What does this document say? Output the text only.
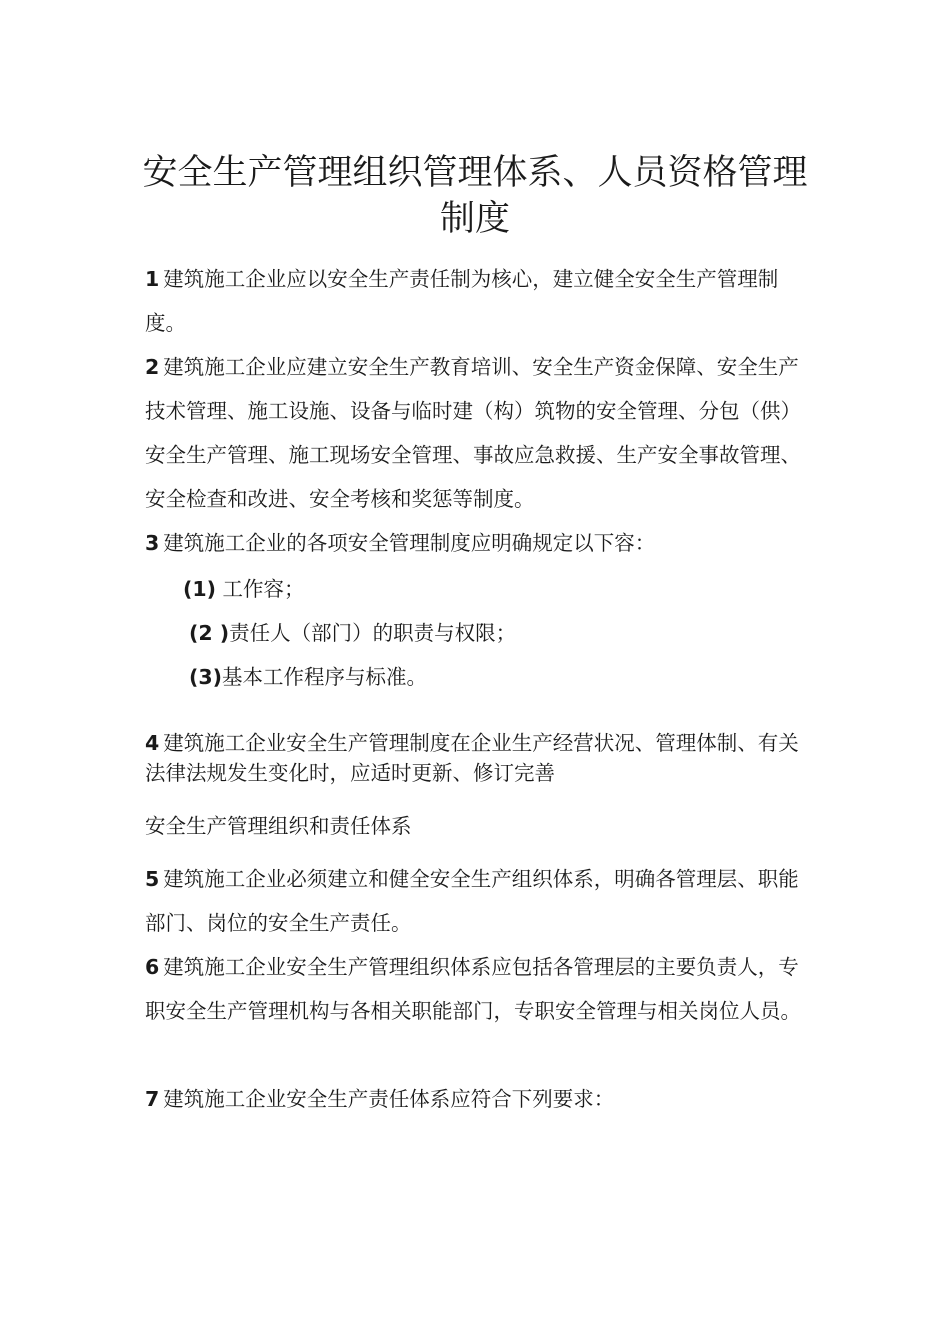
安全生产管理组织管理体系、人员资格管理制度

1 建筑施工企业应以安全生产责任制为核心，建立健全安全生产管理制度。

2 建筑施工企业应建立安全生产教育培训、安全生产资金保障、安全生产技术管理、施工设施、设备与临时建（构）筑物的安全管理、分包（供）安全生产管理、施工现场安全管理、事故应急救援、生产安全事故管理、安全检查和改进、安全考核和奖惩等制度。

3 建筑施工企业的各项安全管理制度应明确规定以下容：

(1) 工作容；

(2 )责任人（部门）的职责与权限；

(3)基本工作程序与标准。

4 建筑施工企业安全生产管理制度在企业生产经营状况、管理体制、有关法律法规发生变化时，应适时更新、修订完善

安全生产管理组织和责任体系

5 建筑施工企业必须建立和健全安全生产组织体系，明确各管理层、职能部门、岗位的安全生产责任。

6 建筑施工企业安全生产管理组织体系应包括各管理层的主要负责人，专职安全生产管理机构与各相关职能部门，专职安全管理与相关岗位人员。

7 建筑施工企业安全生产责任体系应符合下列要求：
